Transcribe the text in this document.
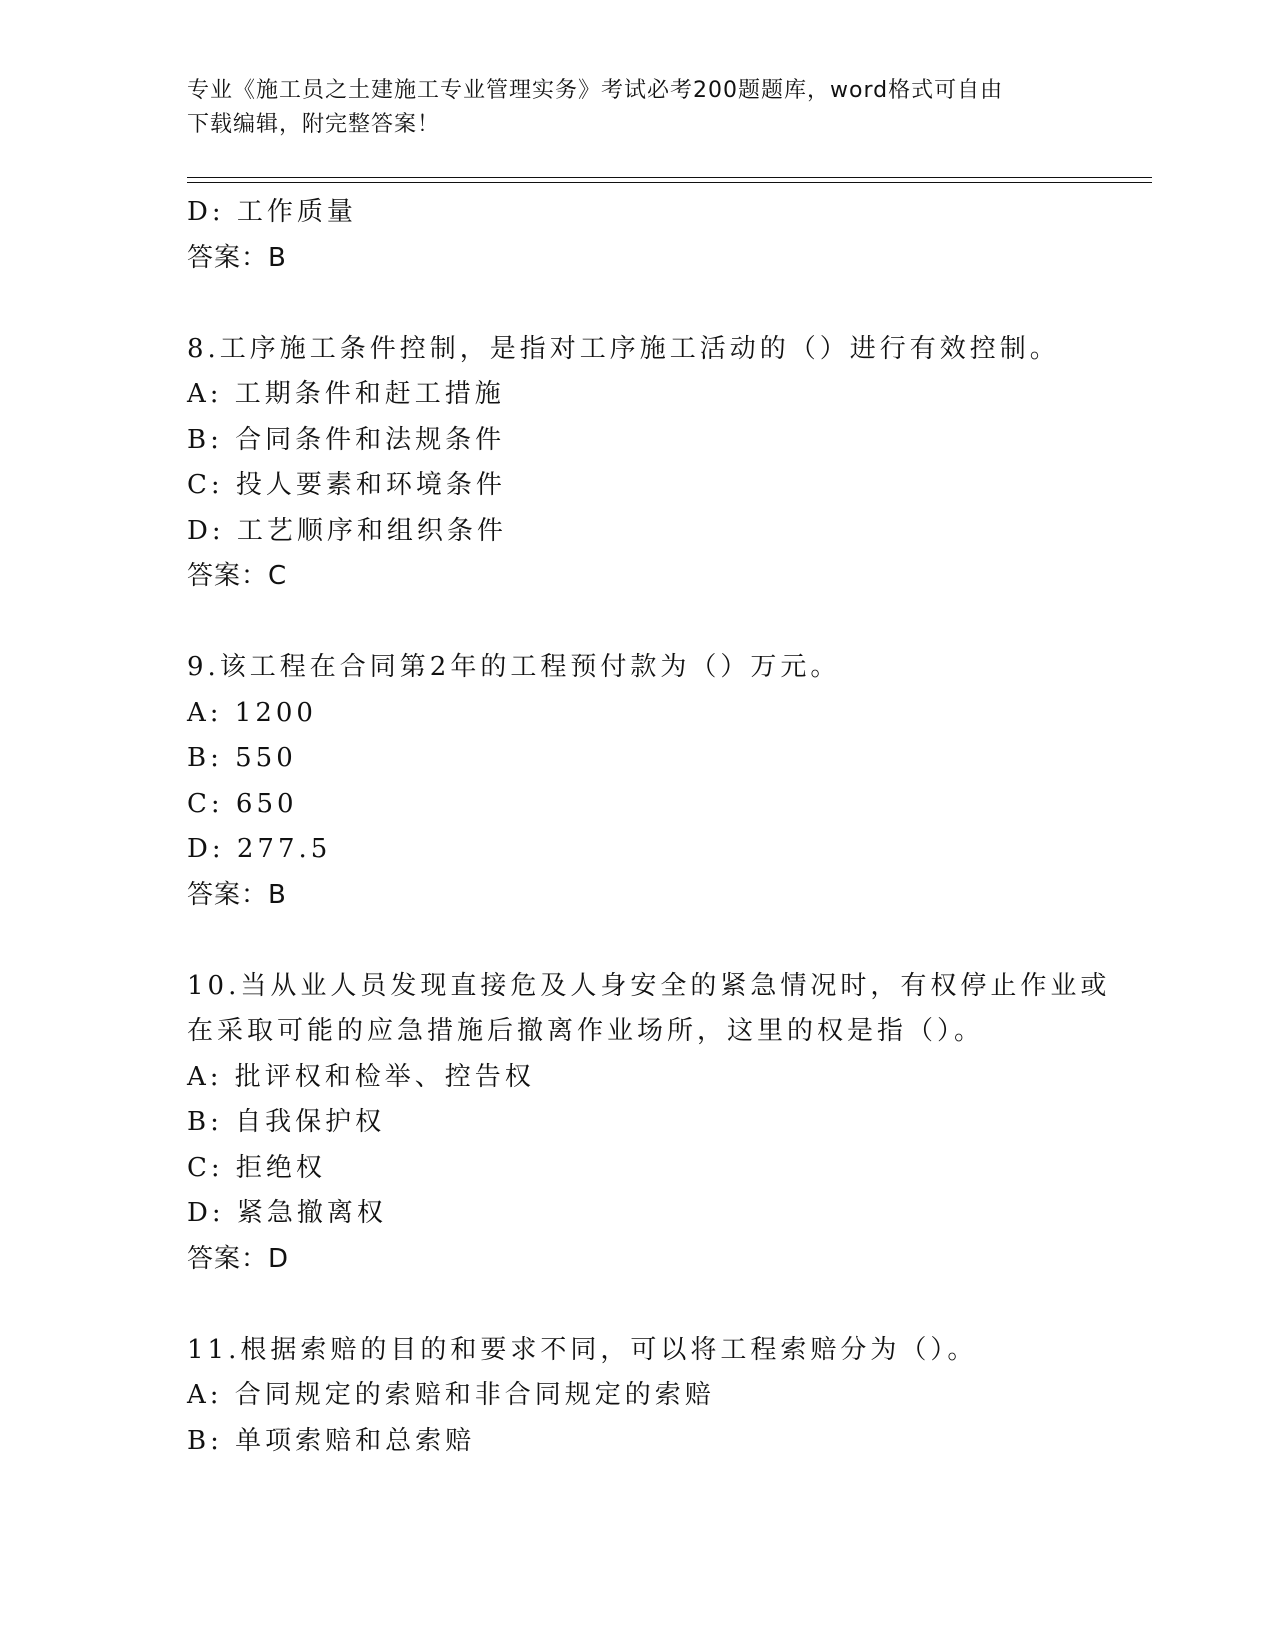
专业《施工员之土建施工专业管理实务》考试必考200题题库，word格式可自由
下载编辑，附完整答案！
D: 工作质量
答案：B
8.工序施工条件控制，是指对工序施工活动的（）进行有效控制。
A: 工期条件和赶工措施
B: 合同条件和法规条件
C: 投人要素和环境条件
D: 工艺顺序和组织条件
答案：C
9.该工程在合同第2年的工程预付款为（）万元。
A: 1200
B: 550
C: 650
D: 277.5
答案：B
10.当从业人员发现直接危及人身安全的紧急情况时，有权停止作业或
在采取可能的应急措施后撤离作业场所，这里的权是指（）。
A: 批评权和检举、控告权
B: 自我保护权
C: 拒绝权
D: 紧急撤离权
答案：D
11.根据索赔的目的和要求不同，可以将工程索赔分为（）。
A: 合同规定的索赔和非合同规定的索赔
B: 单项索赔和总索赔
